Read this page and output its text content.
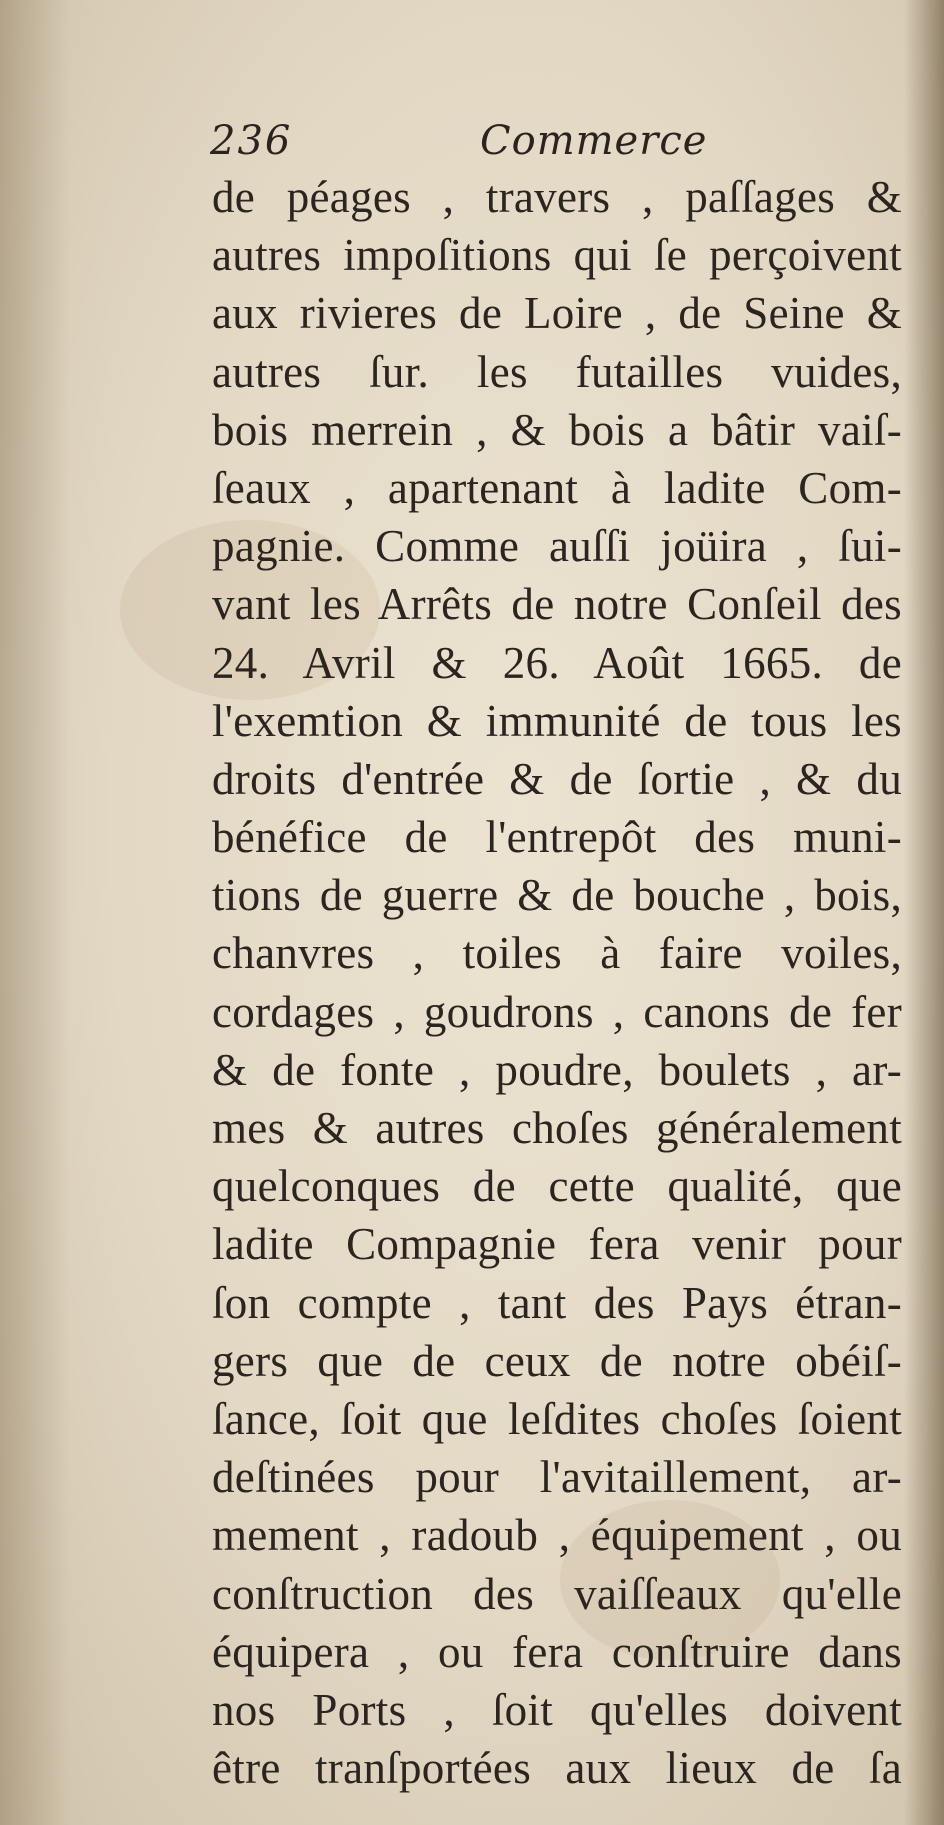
236	Commerce
de péages , travers , paſſages &
autres impoſitions qui ſe perçoivent
aux rivieres de Loire , de Seine &
autres ſur. les futailles vuides,
bois merrein , & bois a bâtir vaiſ-
ſeaux , apartenant à ladite Com-
pagnie. Comme auſſi joüira , ſui-
vant les Arrêts de notre Conſeil des
24. Avril & 26. Août 1665. de
l'exemtion & immunité de tous les
droits d'entrée & de ſortie , & du
bénéfice de l'entrepôt des muni-
tions de guerre & de bouche , bois,
chanvres , toiles à faire voiles,
cordages , goudrons , canons de fer
& de fonte , poudre, boulets , ar-
mes & autres choſes généralement
quelconques de cette qualité, que
ladite Compagnie fera venir pour
ſon compte , tant des Pays étran-
gers que de ceux de notre obéiſ-
ſance, ſoit que leſdites choſes ſoient
deſtinées pour l'avitaillement, ar-
mement , radoub , équipement , ou
conſtruction des vaiſſeaux qu'elle
équipera , ou fera conſtruire dans
nos Ports , ſoit qu'elles doivent
être tranſportées aux lieux de ſa
